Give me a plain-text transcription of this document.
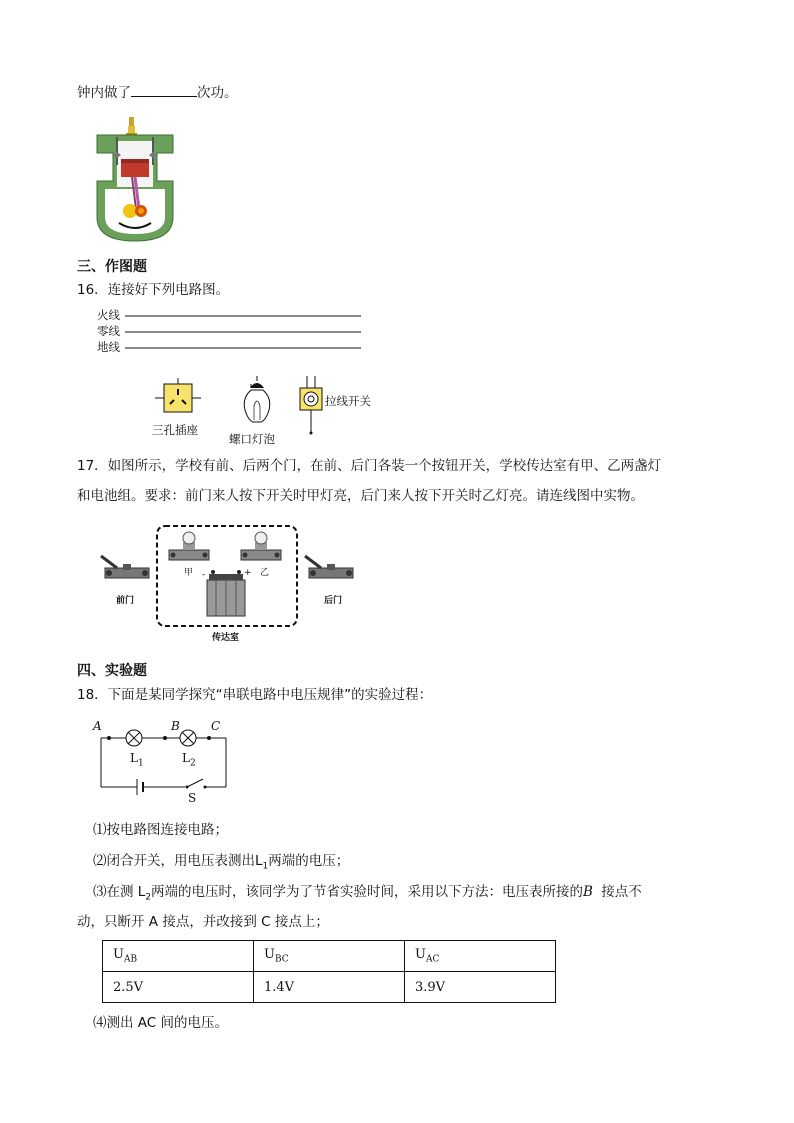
钟内做了	次功。
三、作图题
16．连接好下列电路图。
火线
零线
地线
三孔插座
螺口灯泡
拉线开关
17．如图所示，学校有前、后两个门，在前、后门各装一个按钮开关，学校传达室有甲、乙两盏灯
和电池组。要求：前门来人按下开关时甲灯亮，后门来人按下开关时乙灯亮。请连线图中实物。
甲	乙
-	+
前门	后门
传达室
四、实验题
18．下面是某同学探究“串联电路中电压规律”的实验过程：
A	B	C
$L_1$	$L_2$
S
⑴按电路图连接电路；
⑵闭合开关，用电压表测出$L_1$两端的电压；
⑶在测 $L_2$两端的电压时，该同学为了节省实验时间，采用以下方法：电压表所接的B 接点不
动，只断开 A 接点，并改接到 C 接点上；
$U_{AB}$	$U_{BC}$	$U_{AC}$
2.5V	1.4V	3.9V
⑷测出 AC 间的电压。
